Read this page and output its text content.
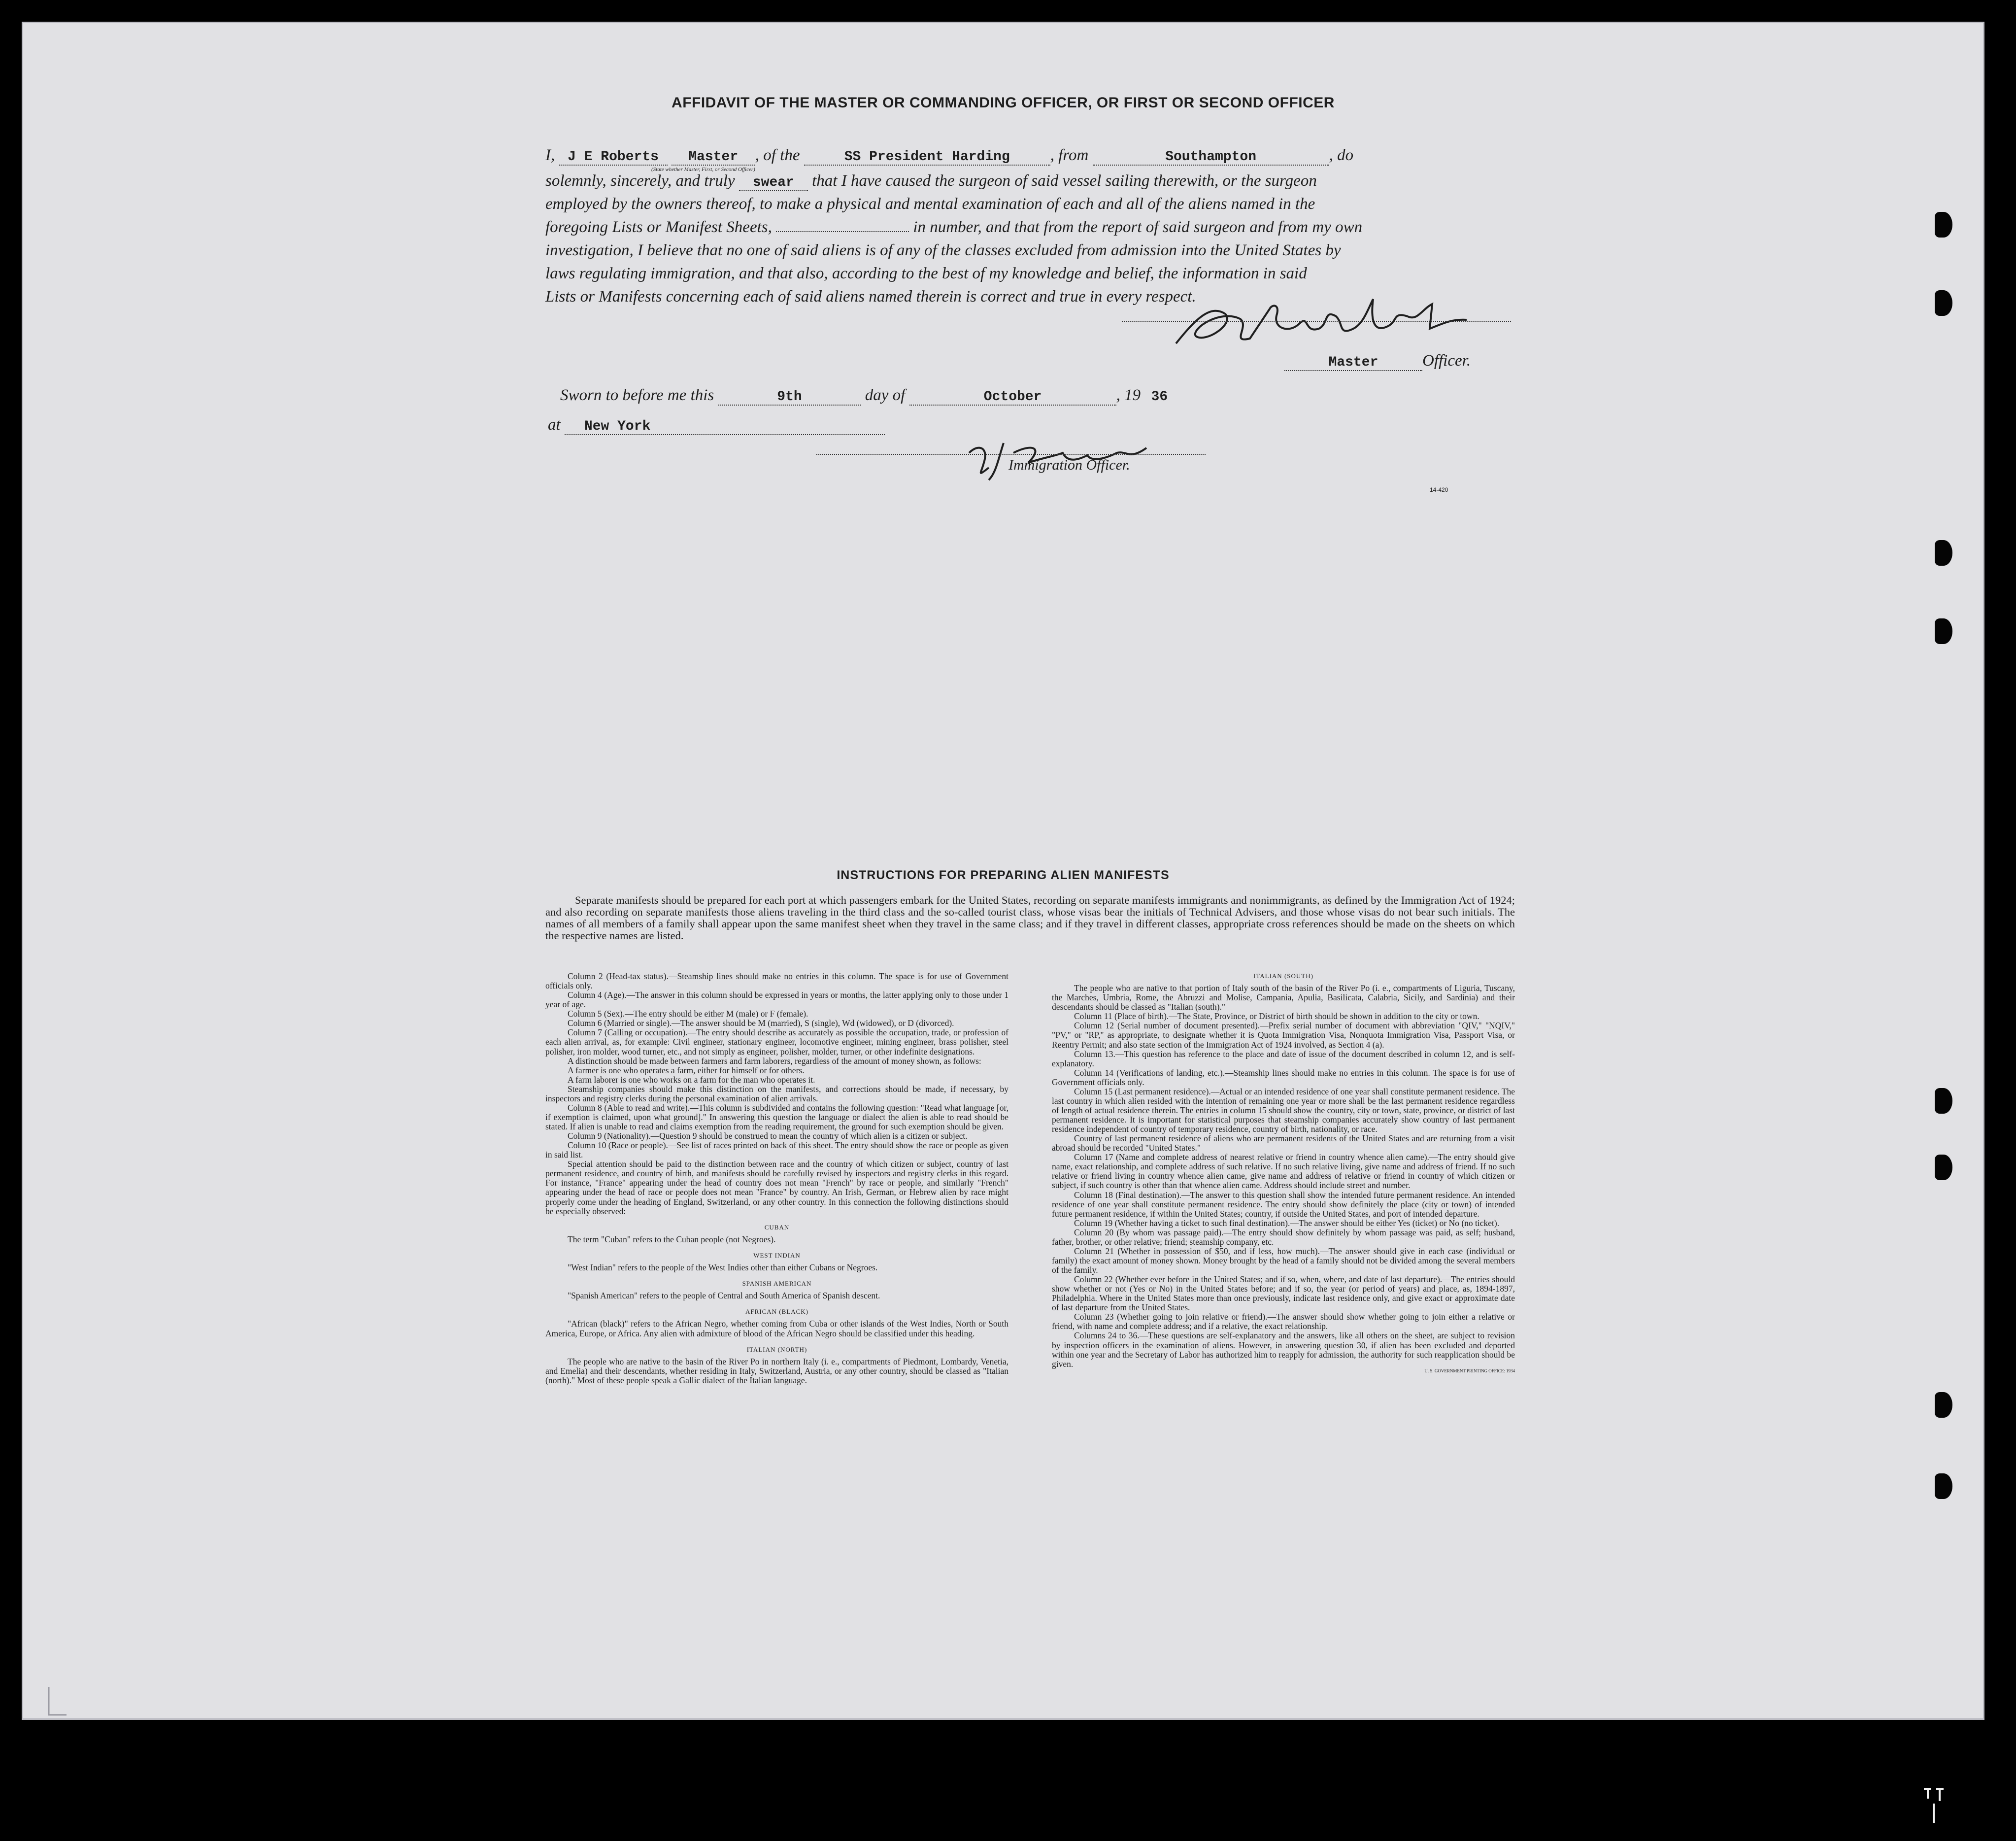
AFFIDAVIT OF THE MASTER OR COMMANDING OFFICER, OR FIRST OR SECOND OFFICER
I, J E Roberts Master , of the	SS President Harding , from	Southampton	, do
(State whether Master, First, or Second Officer)
solemnly, sincerely, and truly swear that I have caused the surgeon of said vessel sailing therewith, or the surgeon
employed by the owners thereof, to make a physical and mental examination of each and all of the aliens named in the
foregoing Lists or Manifest Sheets,	in number, and that from the report of said surgeon and from my own
investigation, I believe that no one of said aliens is of any of the classes excluded from admission into the United States by
laws regulating immigration, and that also, according to the best of my knowledge and belief, the information in said
Lists or Manifests concerning each of said aliens named therein is correct and true in every respect.
Master	Officer.
Sworn to before me this	9th	day of	October	, 19 36
at New York
Immigration Officer.
14-420
INSTRUCTIONS FOR PREPARING ALIEN MANIFESTS
Separate manifests should be prepared for each port at which passengers embark for the United States, recording on separate manifests immigrants and nonimmigrants, as defined by the Immigration Act of 1924; and also recording on separate manifests those aliens traveling in the third class and the so-called tourist class, whose visas bear the initials of Technical Advisers, and those whose visas do not bear such initials. The names of all members of a family shall appear upon the same manifest sheet when they travel in the same class; and if they travel in different classes, appropriate cross references should be made on the sheets on which the respective names are listed.

Column 2 (Head-tax status).—Steamship lines should make no entries in this column. The space is for use of Government officials only.

Column 4 (Age).—The answer in this column should be expressed in years or months, the latter applying only to those under 1 year of age.

Column 5 (Sex).—The entry should be either M (male) or F (female).

Column 6 (Married or single).—The answer should be M (married), S (single), Wd (widowed), or D (divorced).

Column 7 (Calling or occupation).—The entry should describe as accurately as possible the occupation, trade, or profession of each alien arrival, as, for example: Civil engineer, stationary engineer, locomotive engineer, mining engineer, brass polisher, steel polisher, iron molder, wood turner, etc., and not simply as engineer, polisher, molder, turner, or other indefinite designations.

A distinction should be made between farmers and farm laborers, regardless of the amount of money shown, as follows:

A farmer is one who operates a farm, either for himself or for others.

A farm laborer is one who works on a farm for the man who operates it.

Steamship companies should make this distinction on the manifests, and corrections should be made, if necessary, by inspectors and registry clerks during the personal examination of alien arrivals.

Column 8 (Able to read and write).—This column is subdivided and contains the following question: "Read what language [or, if exemption is claimed, upon what ground]." In answering this question the language or dialect the alien is able to read should be stated. If alien is unable to read and claims exemption from the reading requirement, the ground for such exemption should be given.

Column 9 (Nationality).—Question 9 should be construed to mean the country of which alien is a citizen or subject.

Column 10 (Race or people).—See list of races printed on back of this sheet. The entry should show the race or people as given in said list.

Special attention should be paid to the distinction between race and the country of which citizen or subject, country of last permanent residence, and country of birth, and manifests should be carefully revised by inspectors and registry clerks in this regard. For instance, "France" appearing under the head of country does not mean "French" by race or people, and similarly "French" appearing under the head of race or people does not mean "France" by country. An Irish, German, or Hebrew alien by race might properly come under the heading of England, Switzerland, or any other country. In this connection the following distinctions should be especially observed:

CUBAN

The term "Cuban" refers to the Cuban people (not Negroes).

WEST INDIAN

"West Indian" refers to the people of the West Indies other than either Cubans or Negroes.

SPANISH AMERICAN

"Spanish American" refers to the people of Central and South America of Spanish descent.

AFRICAN (BLACK)

"African (black)" refers to the African Negro, whether coming from Cuba or other islands of the West Indies, North or South America, Europe, or Africa. Any alien with admixture of blood of the African Negro should be classified under this heading.

ITALIAN (NORTH)

The people who are native to the basin of the River Po in northern Italy (i. e., compartments of Piedmont, Lombardy, Venetia, and Emelia) and their descendants, whether residing in Italy, Switzerland, Austria, or any other country, should be classed as "Italian (north)." Most of these people speak a Gallic dialect of the Italian language.

ITALIAN (SOUTH)

The people who are native to that portion of Italy south of the basin of the River Po (i. e., compartments of Liguria, Tuscany, the Marches, Umbria, Rome, the Abruzzi and Molise, Campania, Apulia, Basilicata, Calabria, Sicily, and Sardinia) and their descendants should be classed as "Italian (south)."

Column 11 (Place of birth).—The State, Province, or District of birth should be shown in addition to the city or town.

Column 12 (Serial number of document presented).—Prefix serial number of document with abbreviation "QIV," "NQIV," "PV," or "RP," as appropriate, to designate whether it is Quota Immigration Visa, Nonquota Immigration Visa, Passport Visa, or Reentry Permit; and also state section of the Immigration Act of 1924 involved, as Section 4 (a).

Column 13.—This question has reference to the place and date of issue of the document described in column 12, and is self-explanatory.

Column 14 (Verifications of landing, etc.).—Steamship lines should make no entries in this column. The space is for use of Government officials only.

Column 15 (Last permanent residence).—Actual or an intended residence of one year shall constitute permanent residence. The last country in which alien resided with the intention of remaining one year or more shall be the last permanent residence regardless of length of actual residence therein. The entries in column 15 should show the country, city or town, state, province, or district of last permanent residence. It is important for statistical purposes that steamship companies accurately show country of last permanent residence independent of country of temporary residence, country of birth, nationality, or race.

Country of last permanent residence of aliens who are permanent residents of the United States and are returning from a visit abroad should be recorded "United States."

Column 17 (Name and complete address of nearest relative or friend in country whence alien came).—The entry should give name, exact relationship, and complete address of such relative. If no such relative living, give name and address of friend. If no such relative or friend living in country whence alien came, give name and address of relative or friend in country of which citizen or subject, if such country is other than that whence alien came. Address should include street and number.

Column 18 (Final destination).—The answer to this question shall show the intended future permanent residence. An intended residence of one year shall constitute permanent residence. The entry should show definitely the place (city or town) of intended future permanent residence, if within the United States; country, if outside the United States, and port of intended departure.

Column 19 (Whether having a ticket to such final destination).—The answer should be either Yes (ticket) or No (no ticket).

Column 20 (By whom was passage paid).—The entry should show definitely by whom passage was paid, as self; husband, father, brother, or other relative; friend; steamship company, etc.

Column 21 (Whether in possession of $50, and if less, how much).—The answer should give in each case (individual or family) the exact amount of money shown. Money brought by the head of a family should not be divided among the several members of the family.

Column 22 (Whether ever before in the United States; and if so, when, where, and date of last departure).—The entries should show whether or not (Yes or No) in the United States before; and if so, the year (or period of years) and place, as, 1894-1897, Philadelphia. Where in the United States more than once previously, indicate last residence only, and give exact or approximate date of last departure from the United States.

Column 23 (Whether going to join relative or friend).—The answer should show whether going to join either a relative or friend, with name and complete address; and if a relative, the exact relationship.

Columns 24 to 36.—These questions are self-explanatory and the answers, like all others on the sheet, are subject to revision by inspection officers in the examination of aliens. However, in answering question 30, if alien has been excluded and deported within one year and the Secretary of Labor has authorized him to reapply for admission, the authority for such reapplication should be given.

U. S. GOVERNMENT PRINTING OFFICE: 1934
